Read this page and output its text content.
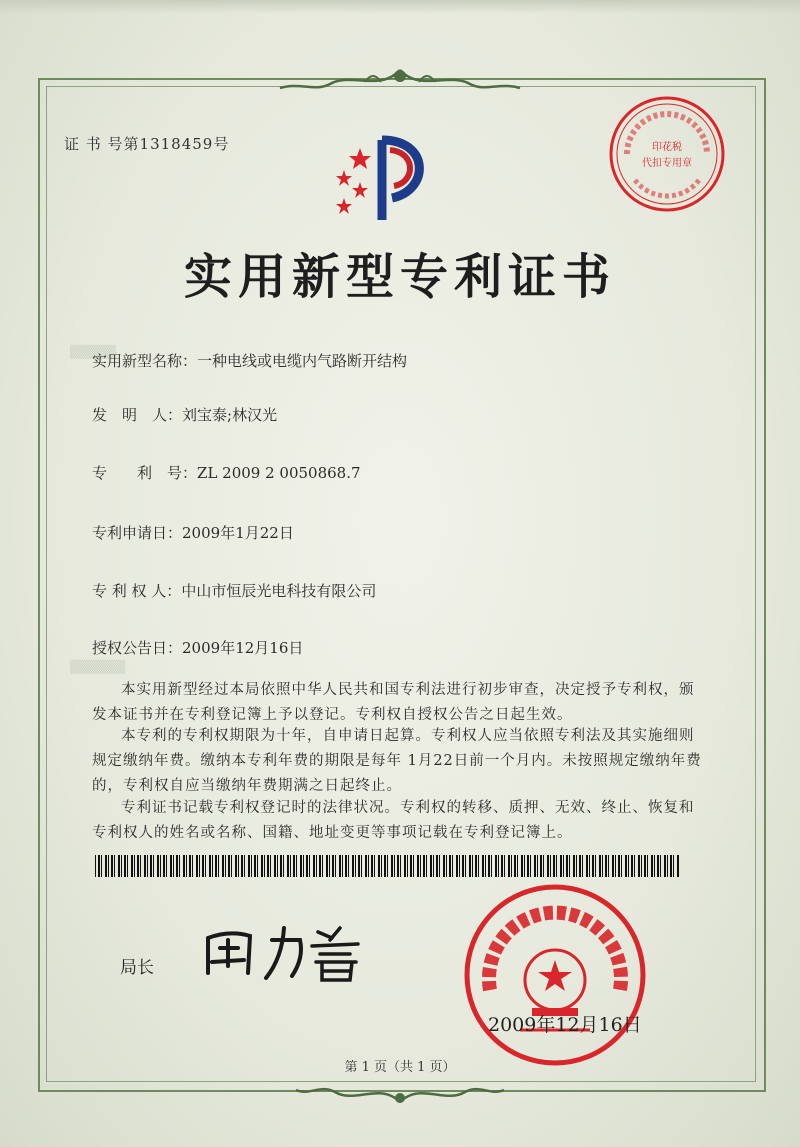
▒▒▒▒▒
▒▒▒▒▒▒
证 书 号第1318459号	印花税
代扣专用章
实用新型专利证书
实用新型名称：一种电线或电缆内气路断开结构
发　明　人：刘宝泰;林汉光
专　　利　号：ZL 2009 2 0050868.7
专利申请日：2009年1月22日
专 利 权 人：中山市恒辰光电科技有限公司
授权公告日：2009年12月16日
本实用新型经过本局依照中华人民共和国专利法进行初步审查，决定授予专利权，颁发本证书并在专利登记簿上予以登记。专利权自授权公告之日起生效。
本专利的专利权期限为十年，自申请日起算。专利权人应当依照专利法及其实施细则规定缴纳年费。缴纳本专利年费的期限是每年 1月22日前一个月内。未按照规定缴纳年费的，专利权自应当缴纳年费期满之日起终止。
专利证书记载专利权登记时的法律状况。专利权的转移、质押、无效、终止、恢复和专利权人的姓名或名称、国籍、地址变更等事项记载在专利登记簿上。
局长
2009年12月16日
第 1 页（共 1 页）
